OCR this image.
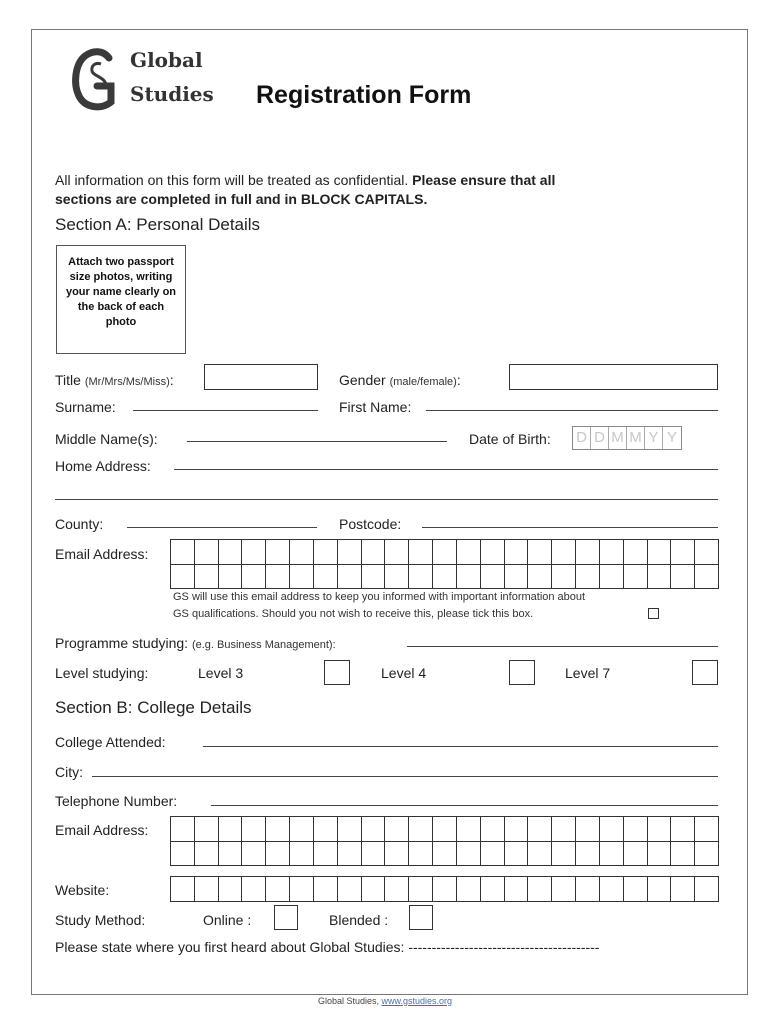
Global
Studies Registration Form
All information on this form will be treated as confidential. Please ensure that all
sections are completed in full and in BLOCK CAPITALS.
Section A: Personal Details
Attach two passport size photos, writing your name clearly on the back of each photo
Title (Mr/Mrs/Ms/Miss):	Gender (male/female):
Surname:	First Name:
Middle Name(s):	Date of Birth: D D M M Y Y
Home Address:
County:	Postcode:
Email Address:
GS will use this email address to keep you informed with important information about
GS qualifications. Should you not wish to receive this, please tick this box.
Programme studying: (e.g. Business Management):
Level studying:	Level 3	Level 4	Level 7
Section B: College Details
College Attended:
City:
Telephone Number:
Email Address:
Website:
Study Method:	Online :	Blended :
Please state where you first heard about Global Studies: -----------------------------------------
Global Studies, www.gstudies.org
